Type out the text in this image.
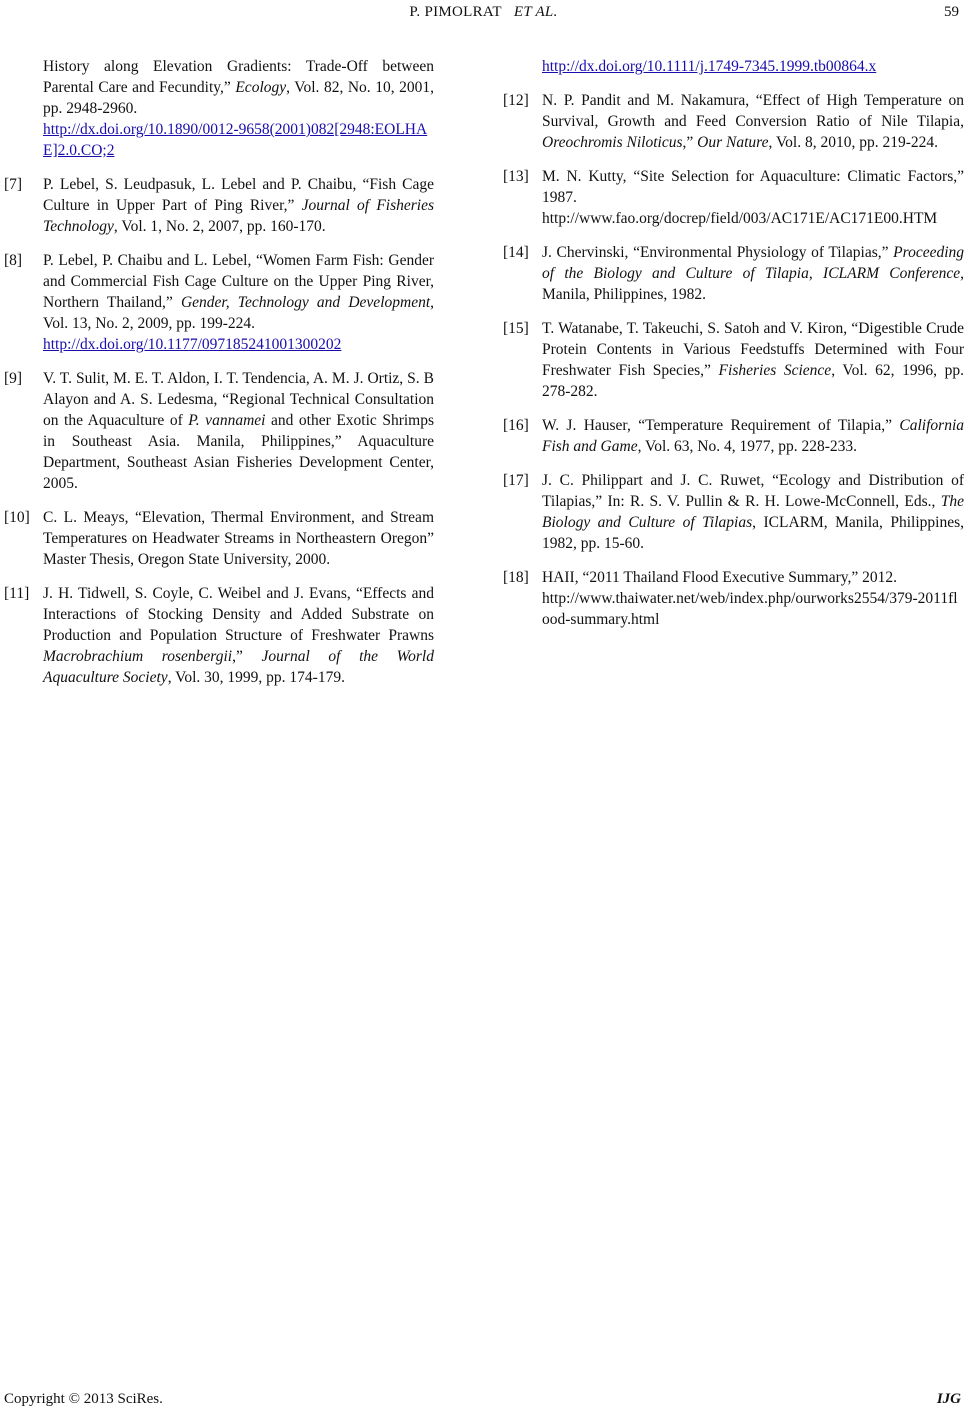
P. PIMOLRAT ET AL.	59
History along Elevation Gradients: Trade-Off between Parental Care and Fecundity,” Ecology, Vol. 82, No. 10, 2001, pp. 2948-2960.
http://dx.doi.org/10.1890/0012-9658(2001)082[2948:EOLHAE]2.0.CO;2
[7] P. Lebel, S. Leudpasuk, L. Lebel and P. Chaibu, “Fish Cage Culture in Upper Part of Ping River,” Journal of Fisheries Technology, Vol. 1, No. 2, 2007, pp. 160-170.
[8] P. Lebel, P. Chaibu and L. Lebel, “Women Farm Fish: Gender and Commercial Fish Cage Culture on the Upper Ping River, Northern Thailand,” Gender, Technology and Development, Vol. 13, No. 2, 2009, pp. 199-224.
http://dx.doi.org/10.1177/097185241001300202
[9] V. T. Sulit, M. E. T. Aldon, I. T. Tendencia, A. M. J. Ortiz, S. B Alayon and A. S. Ledesma, “Regional Technical Consultation on the Aquaculture of P. vannamei and other Exotic Shrimps in Southeast Asia. Manila, Philippines,” Aquaculture Department, Southeast Asian Fisheries Development Center, 2005.
[10] C. L. Meays, “Elevation, Thermal Environment, and Stream Temperatures on Headwater Streams in Northeastern Oregon” Master Thesis, Oregon State University, 2000.
[11] J. H. Tidwell, S. Coyle, C. Weibel and J. Evans, “Effects and Interactions of Stocking Density and Added Substrate on Production and Population Structure of Freshwater Prawns Macrobrachium rosenbergii,” Journal of the World Aquaculture Society, Vol. 30, 1999, pp. 174-179.
http://dx.doi.org/10.1111/j.1749-7345.1999.tb00864.x
[12] N. P. Pandit and M. Nakamura, “Effect of High Temperature on Survival, Growth and Feed Conversion Ratio of Nile Tilapia, Oreochromis Niloticus,” Our Nature, Vol. 8, 2010, pp. 219-224.
[13] M. N. Kutty, “Site Selection for Aquaculture: Climatic Factors,” 1987.
http://www.fao.org/docrep/field/003/AC171E/AC171E00.HTM
[14] J. Chervinski, “Environmental Physiology of Tilapias,” Proceeding of the Biology and Culture of Tilapia, ICLARM Conference, Manila, Philippines, 1982.
[15] T. Watanabe, T. Takeuchi, S. Satoh and V. Kiron, “Digestible Crude Protein Contents in Various Feedstuffs Determined with Four Freshwater Fish Species,” Fisheries Science, Vol. 62, 1996, pp. 278-282.
[16] W. J. Hauser, “Temperature Requirement of Tilapia,” California Fish and Game, Vol. 63, No. 4, 1977, pp. 228-233.
[17] J. C. Philippart and J. C. Ruwet, “Ecology and Distribution of Tilapias,” In: R. S. V. Pullin & R. H. Lowe-McConnell, Eds., The Biology and Culture of Tilapias, ICLARM, Manila, Philippines, 1982, pp. 15-60.
[18] HAII, “2011 Thailand Flood Executive Summary,” 2012.
http://www.thaiwater.net/web/index.php/ourworks2554/379-2011flood-summary.html
Copyright © 2013 SciRes.	IJG
